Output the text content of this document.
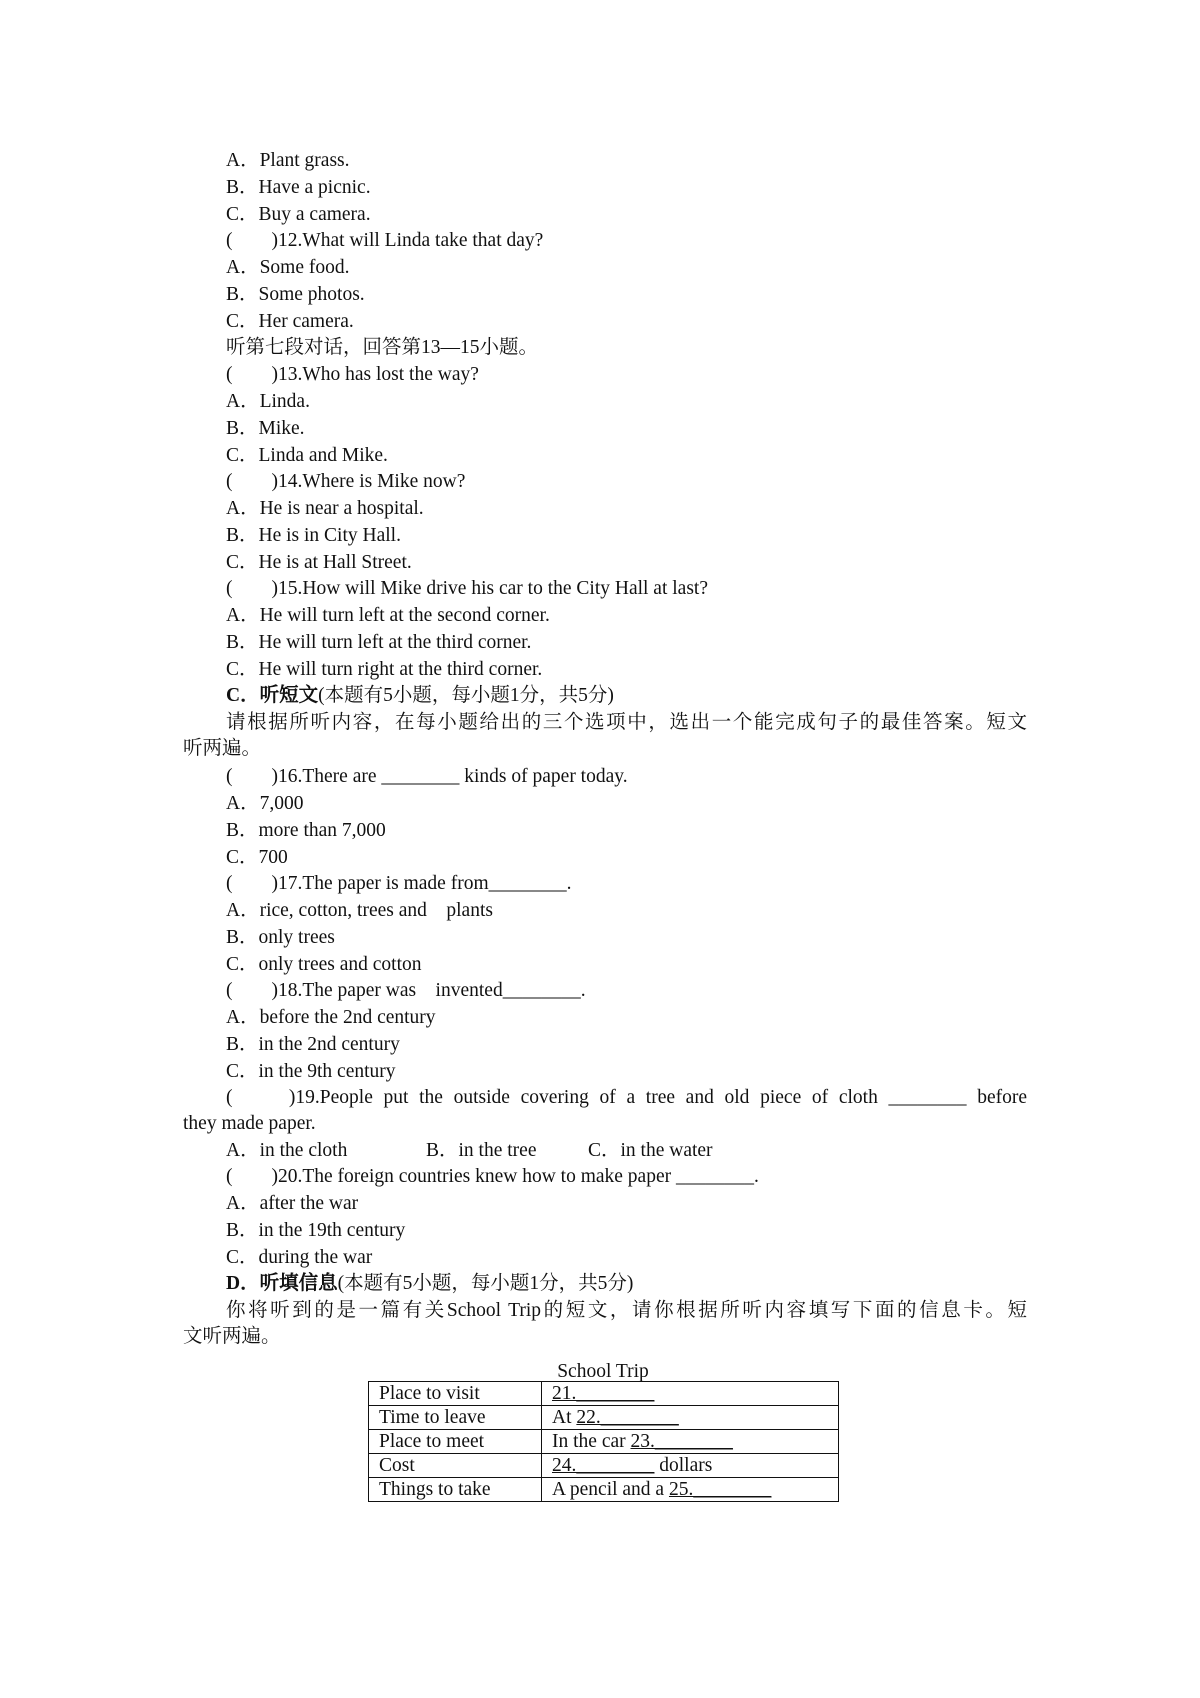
A．Plant grass.

B．Have a picnic.

C．Buy a camera.

(　　)12.What will Linda take that day?

A．Some food.

B．Some photos.

C．Her camera.

听第七段对话，回答第13—15小题。

(　　)13.Who has lost the way?

A．Linda.

B．Mike.

C．Linda and Mike.

(　　)14.Where is Mike now?

A．He is near a hospital.

B．He is in City Hall.

C．He is at Hall Street.

(　　)15.How will Mike drive his car to the City Hall at last?

A．He will turn left at the second corner.

B．He will turn left at the third corner.

C．He will turn right at the third corner.

C．听短文(本题有5小题，每小题1分，共5分)

请根据所听内容，在每小题给出的三个选项中，选出一个能完成句子的最佳答案。短文
听两遍。

(　　)16.There are ________ kinds of paper today.

A．7,000

B．more than 7,000

C．700

(　　)17.The paper is made from________.

A．rice, cotton, trees and　plants

B．only trees

C．only trees and cotton

(　　)18.The paper was　invented________.

A．before the 2nd century

B．in the 2nd century

C．in the 9th century

(　　)19.People put the outside covering of a tree and old piece of cloth ________ before
they made paper.

A．in the cloth	B．in the tree	C．in the water

(　　)20.The foreign countries knew how to make paper ________.

A．after the war

B．in the 19th century

C．during the war

D．听填信息(本题有5小题，每小题1分，共5分)

你将听到的是一篇有关School Trip的短文，请你根据所听内容填写下面的信息卡。短
文听两遍。
School Trip
Place to visit	21.________
Time to leave	At 22.________
Place to meet	In the car 23.________
Cost	24.________ dollars
Things to take	A pencil and a 25.________
